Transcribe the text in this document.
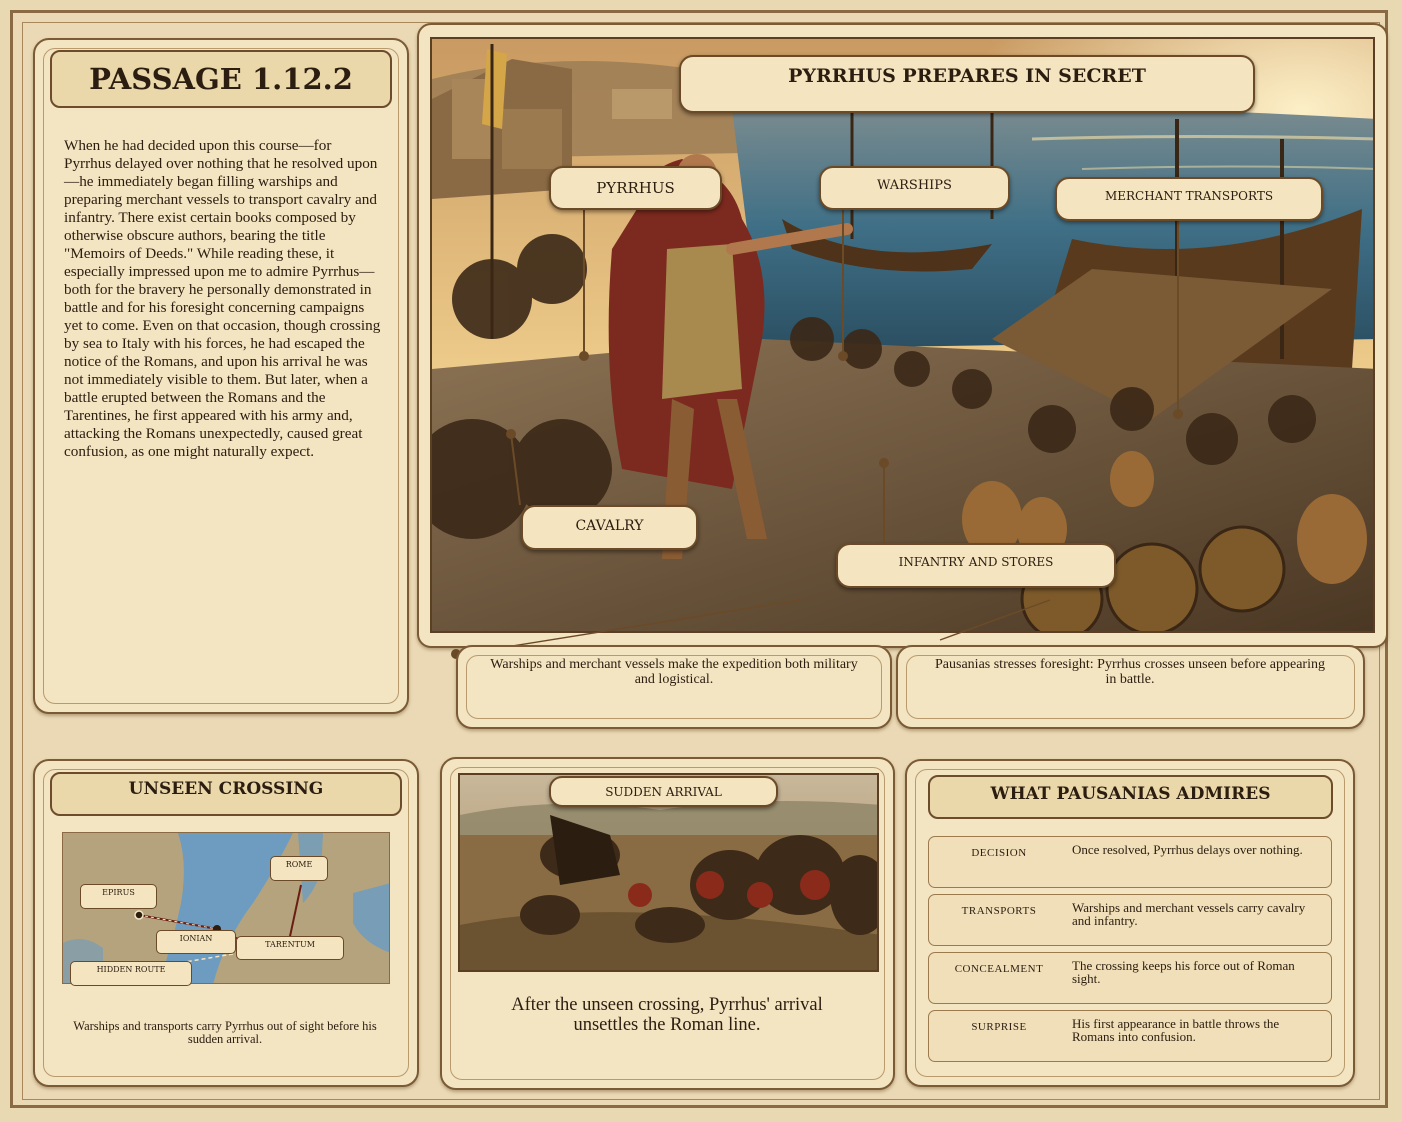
PASSAGE 1.12.2
When he had decided upon this course—for Pyrrhus delayed over nothing that he resolved upon—he immediately began filling warships and preparing merchant vessels to transport cavalry and infantry. There exist certain books composed by otherwise obscure authors, bearing the title "Memoirs of Deeds." While reading these, it especially impressed upon me to admire Pyrrhus—both for the bravery he personally demonstrated in battle and for his foresight concerning campaigns yet to come. Even on that occasion, though crossing by sea to Italy with his forces, he had escaped the notice of the Romans, and upon his arrival he was not immediately visible to them. But later, when a battle erupted between the Romans and the Tarentines, he first appeared with his army and, attacking the Romans unexpectedly, caused great confusion, as one might naturally expect.
PYRRHUS PREPARES IN SECRET
PYRRHUS	WARSHIPS
MERCHANT TRANSPORTS
CAVALRY
INFANTRY AND STORES
Warships and merchant vessels make the expedition both military and logistical.
Pausanias stresses foresight: Pyrrhus crosses unseen before appearing in battle.
UNSEEN CROSSING
EPIRUS
ROME
IONIAN
TARENTUM
HIDDEN ROUTE
Warships and transports carry Pyrrhus out of sight before his sudden arrival.
SUDDEN ARRIVAL
After the unseen crossing, Pyrrhus' arrival unsettles the Roman line.
WHAT PAUSANIAS ADMIRES
DECISION	Once resolved, Pyrrhus delays over nothing.
TRANSPORTS	Warships and merchant vessels carry cavalry and infantry.
CONCEALMENT	The crossing keeps his force out of Roman sight.
SURPRISE	His first appearance in battle throws the Romans into confusion.
